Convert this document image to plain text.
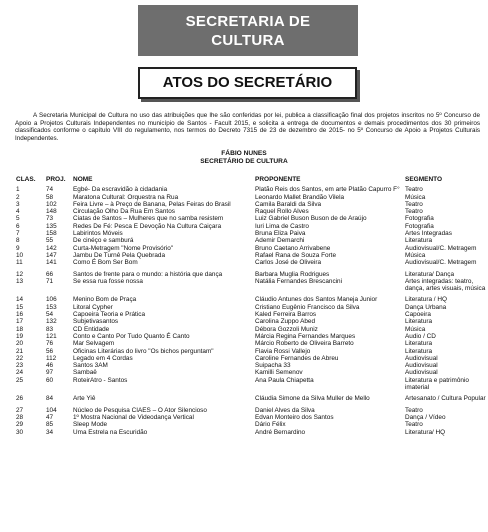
SECRETARIA DE
CULTURA
ATOS DO SECRETÁRIO

A Secretaria Municipal de Cultura no uso das atribuições que lhe são conferidas por lei, publica a classificação final dos projetos inscritos no 5º Concurso de Apoio a Projetos Culturais Independentes no município de Santos - Facult 2015, e solicita a entrega de documentos e demais procedimentos dos 30 primeiros classificados conforme o capítulo VIII do regulamento, nos termos do Decreto 7315 de 23 de dezembro de 2015- no 5º Concurso de Apoio a Projetos Culturais Independentes.

FÁBIO NUNES
SECRETÁRIO DE CULTURA
CLAS.	PROJ.	NOME	PROPONENTE	SEGMENTO
1	74	Egbé- Da escravidão à cidadania	Platão Reis dos Santos, em arte Platão Capurro F°	Teatro
2	58	Maratona Cultural: Orquestra na Rua	Leonardo Mallet Brandão Vilela	Música
3	102	Feira Livre – à Preço de Banana, Pelas Feiras do Brasil	Camila Baraldi da Silva	Teatro
4	148	Circulação Olho Da Rua Em Santos	Raquel Rollo Alves	Teatro
5	73	Ciatas de Santos – Mulheres que no samba resistem	Luiz Gabriel Buson Buson de de Araújo	Fotografia
6	135	Redes De Fé: Pesca E Devoção Na Cultura Caiçara	Iuri Lima de Castro	Fotografia
7	158	Labirintos Móveis	Bruna Eliza Paiva	Artes Integradas
8	55	De cinéço e samburá	Ademir Demarchi	Literatura
9	142	Curta-Metragem "Nome Provisório"	Bruno Caetano Arrivabene	Audiovisual/C. Metragem
10	147	Jambu De Turnê Pela Quebrada	Rafael Rana de Souza Forte	Música
11	141	Como É Bom Ser Bom	Carlos José de Oliveira	Audiovisual/C. Metragem
12	66	Santos de frente para o mundo: a história que dança	Barbara Muglia Rodrigues	Literatura/ Dança
13	71	Se essa rua fosse nossa	Natália Fernandes Brescancini	Artes integradas: teatro, dança, artes visuais, música
14	106	Menino Bom de Praça	Cláudio Antunes dos Santos Maneja Junior	Literatura / HQ
15	153	Litoral Cypher	Cristiano Eugênio Francisco da Silva	Dança Urbana
16	54	Capoeira Teoria e Prática	Kaled Ferreira Barros	Capoeira
17	132	Subjetivasantos	Carolina Zuppo Abed	Literatura
18	83	CD Entidade	Débora Gozzoli Muniz	Música
19	121	Conto e Canto Por Tudo Quanto É Canto	Márcia Regina Fernandes Marques	Audio / CD
20	76	Mar Selvagem	Márcio Roberto de Oliveira Barreto	Literatura
21	56	Oficinas Literárias do livro "Os bichos perguntam"	Flavia Rossi Vallejo	Literatura
22	112	Legado em 4 Cordas	Caroline Fernandes de Abreu	Audiovisual
23	46	Santos 3AM	Suipacha 33	Audiovisual
24	97	Sambaê	Kamilli Semenov	Audiovisual
25	60	RoteirAtro - Santos	Ana Paula Chiapetta	Literatura e patrimônio imaterial
26	84	Arte Yiê	Cláudia Simone da Silva Muller de Mello	Artesanato / Cultura Popular
27	104	Núcleo de Pesquisa CIAES – O Ator Silencioso	Daniel Alves da Silva	Teatro
28	47	1º Mostra Nacional de Videodança Vertical	Edvan Monteiro dos Santos	Dança / Vídeo
29	85	Sleep Mode	Dário Félix	Teatro
30	34	Uma Estrela na Escuridão	André Bernardino	Literatura/ HQ
